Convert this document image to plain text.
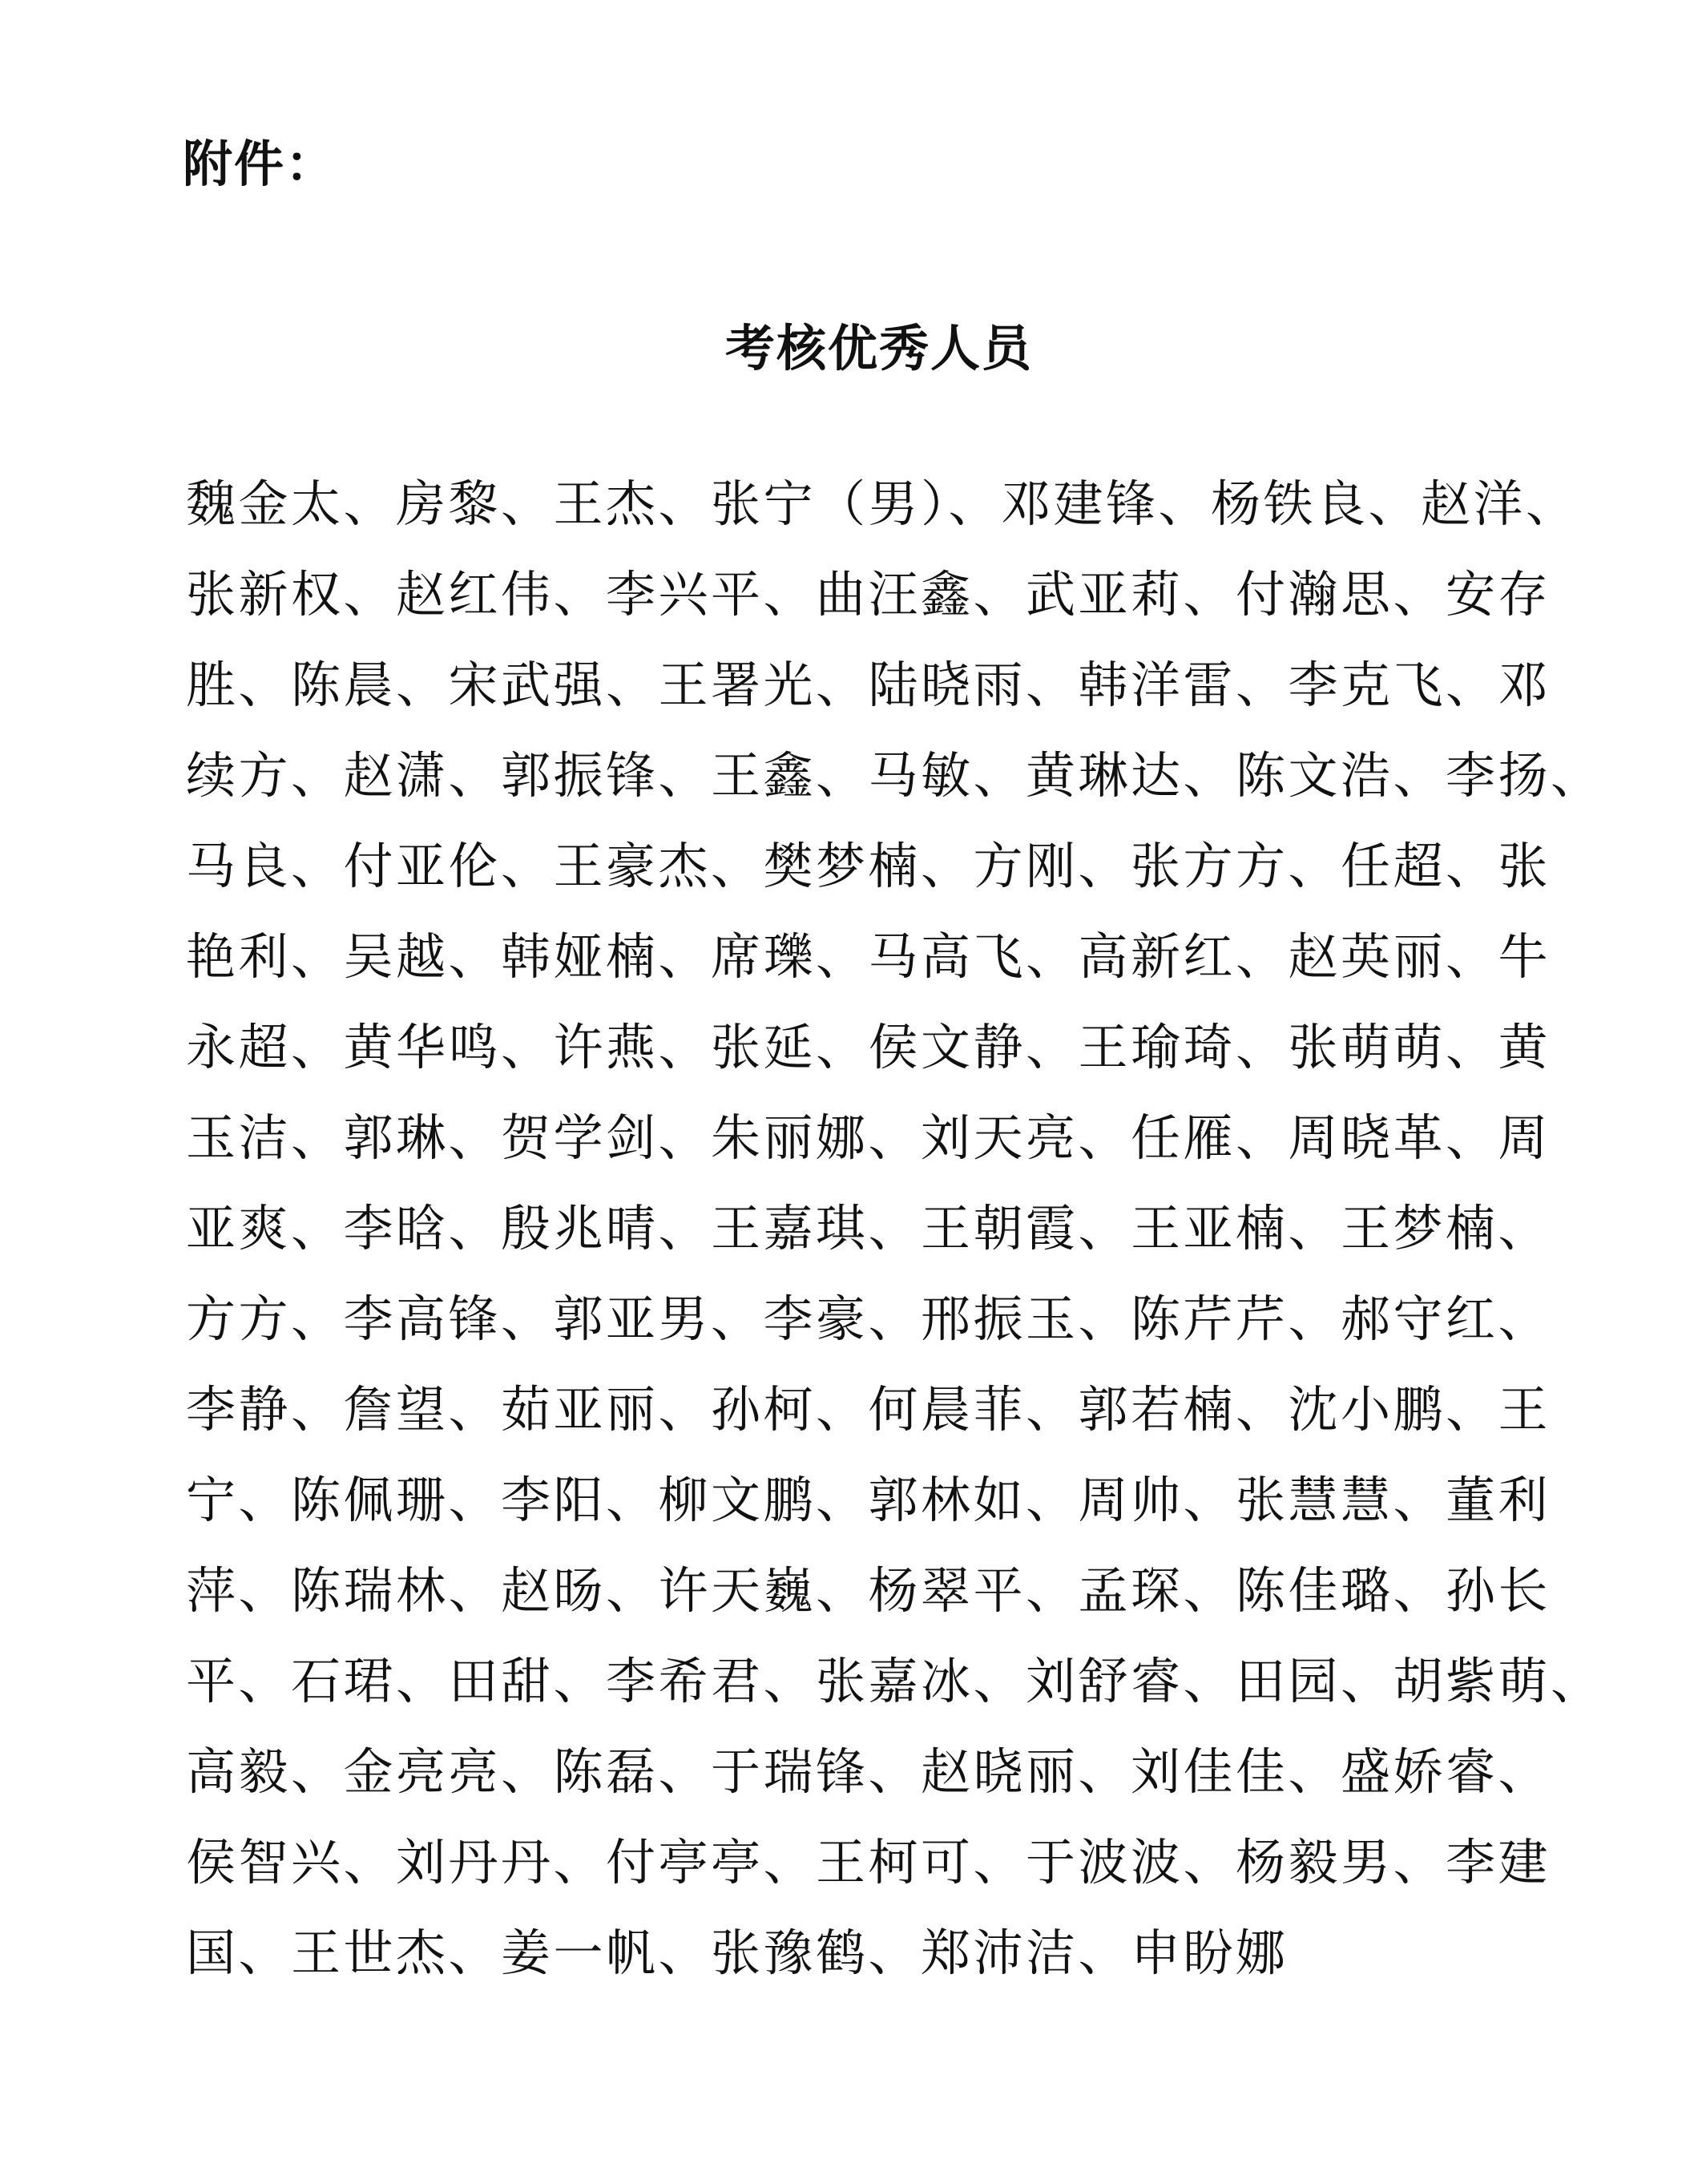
附件：
考核优秀人员
魏金太、房黎、王杰、张宁（男）、邓建锋、杨铁良、赵洋、
张新权、赵红伟、李兴平、曲汪鑫、武亚莉、付瀚思、安存
胜、陈晨、宋武强、王署光、陆晓雨、韩洋雷、李克飞、邓
续方、赵潇、郭振锋、王鑫、马敏、黄琳达、陈文浩、李扬、
马良、付亚伦、王豪杰、樊梦楠、方刚、张方方、任超、张
艳利、吴越、韩娅楠、席瓅、马高飞、高新红、赵英丽、牛
永超、黄华鸣、许燕、张延、侯文静、王瑜琦、张萌萌、黄
玉洁、郭琳、贺学剑、朱丽娜、刘天亮、任雁、周晓革、周
亚爽、李晗、殷兆晴、王嘉琪、王朝霞、王亚楠、王梦楠、
方方、李高锋、郭亚男、李豪、邢振玉、陈芹芹、郝守红、
李静、詹望、茹亚丽、孙柯、何晨菲、郭若楠、沈小鹏、王
宁、陈佩珊、李阳、柳文鹏、郭林如、周帅、张慧慧、董利
萍、陈瑞林、赵旸、许天巍、杨翠平、孟琛、陈佳璐、孙长
平、石珺、田甜、李希君、张嘉冰、刘舒睿、田园、胡紫萌、
高毅、金亮亮、陈磊、于瑞锋、赵晓丽、刘佳佳、盛娇睿、
侯智兴、刘丹丹、付亭亭、王柯可、于波波、杨毅男、李建
国、王世杰、姜一帆、张豫鹤、郑沛洁、申盼娜
